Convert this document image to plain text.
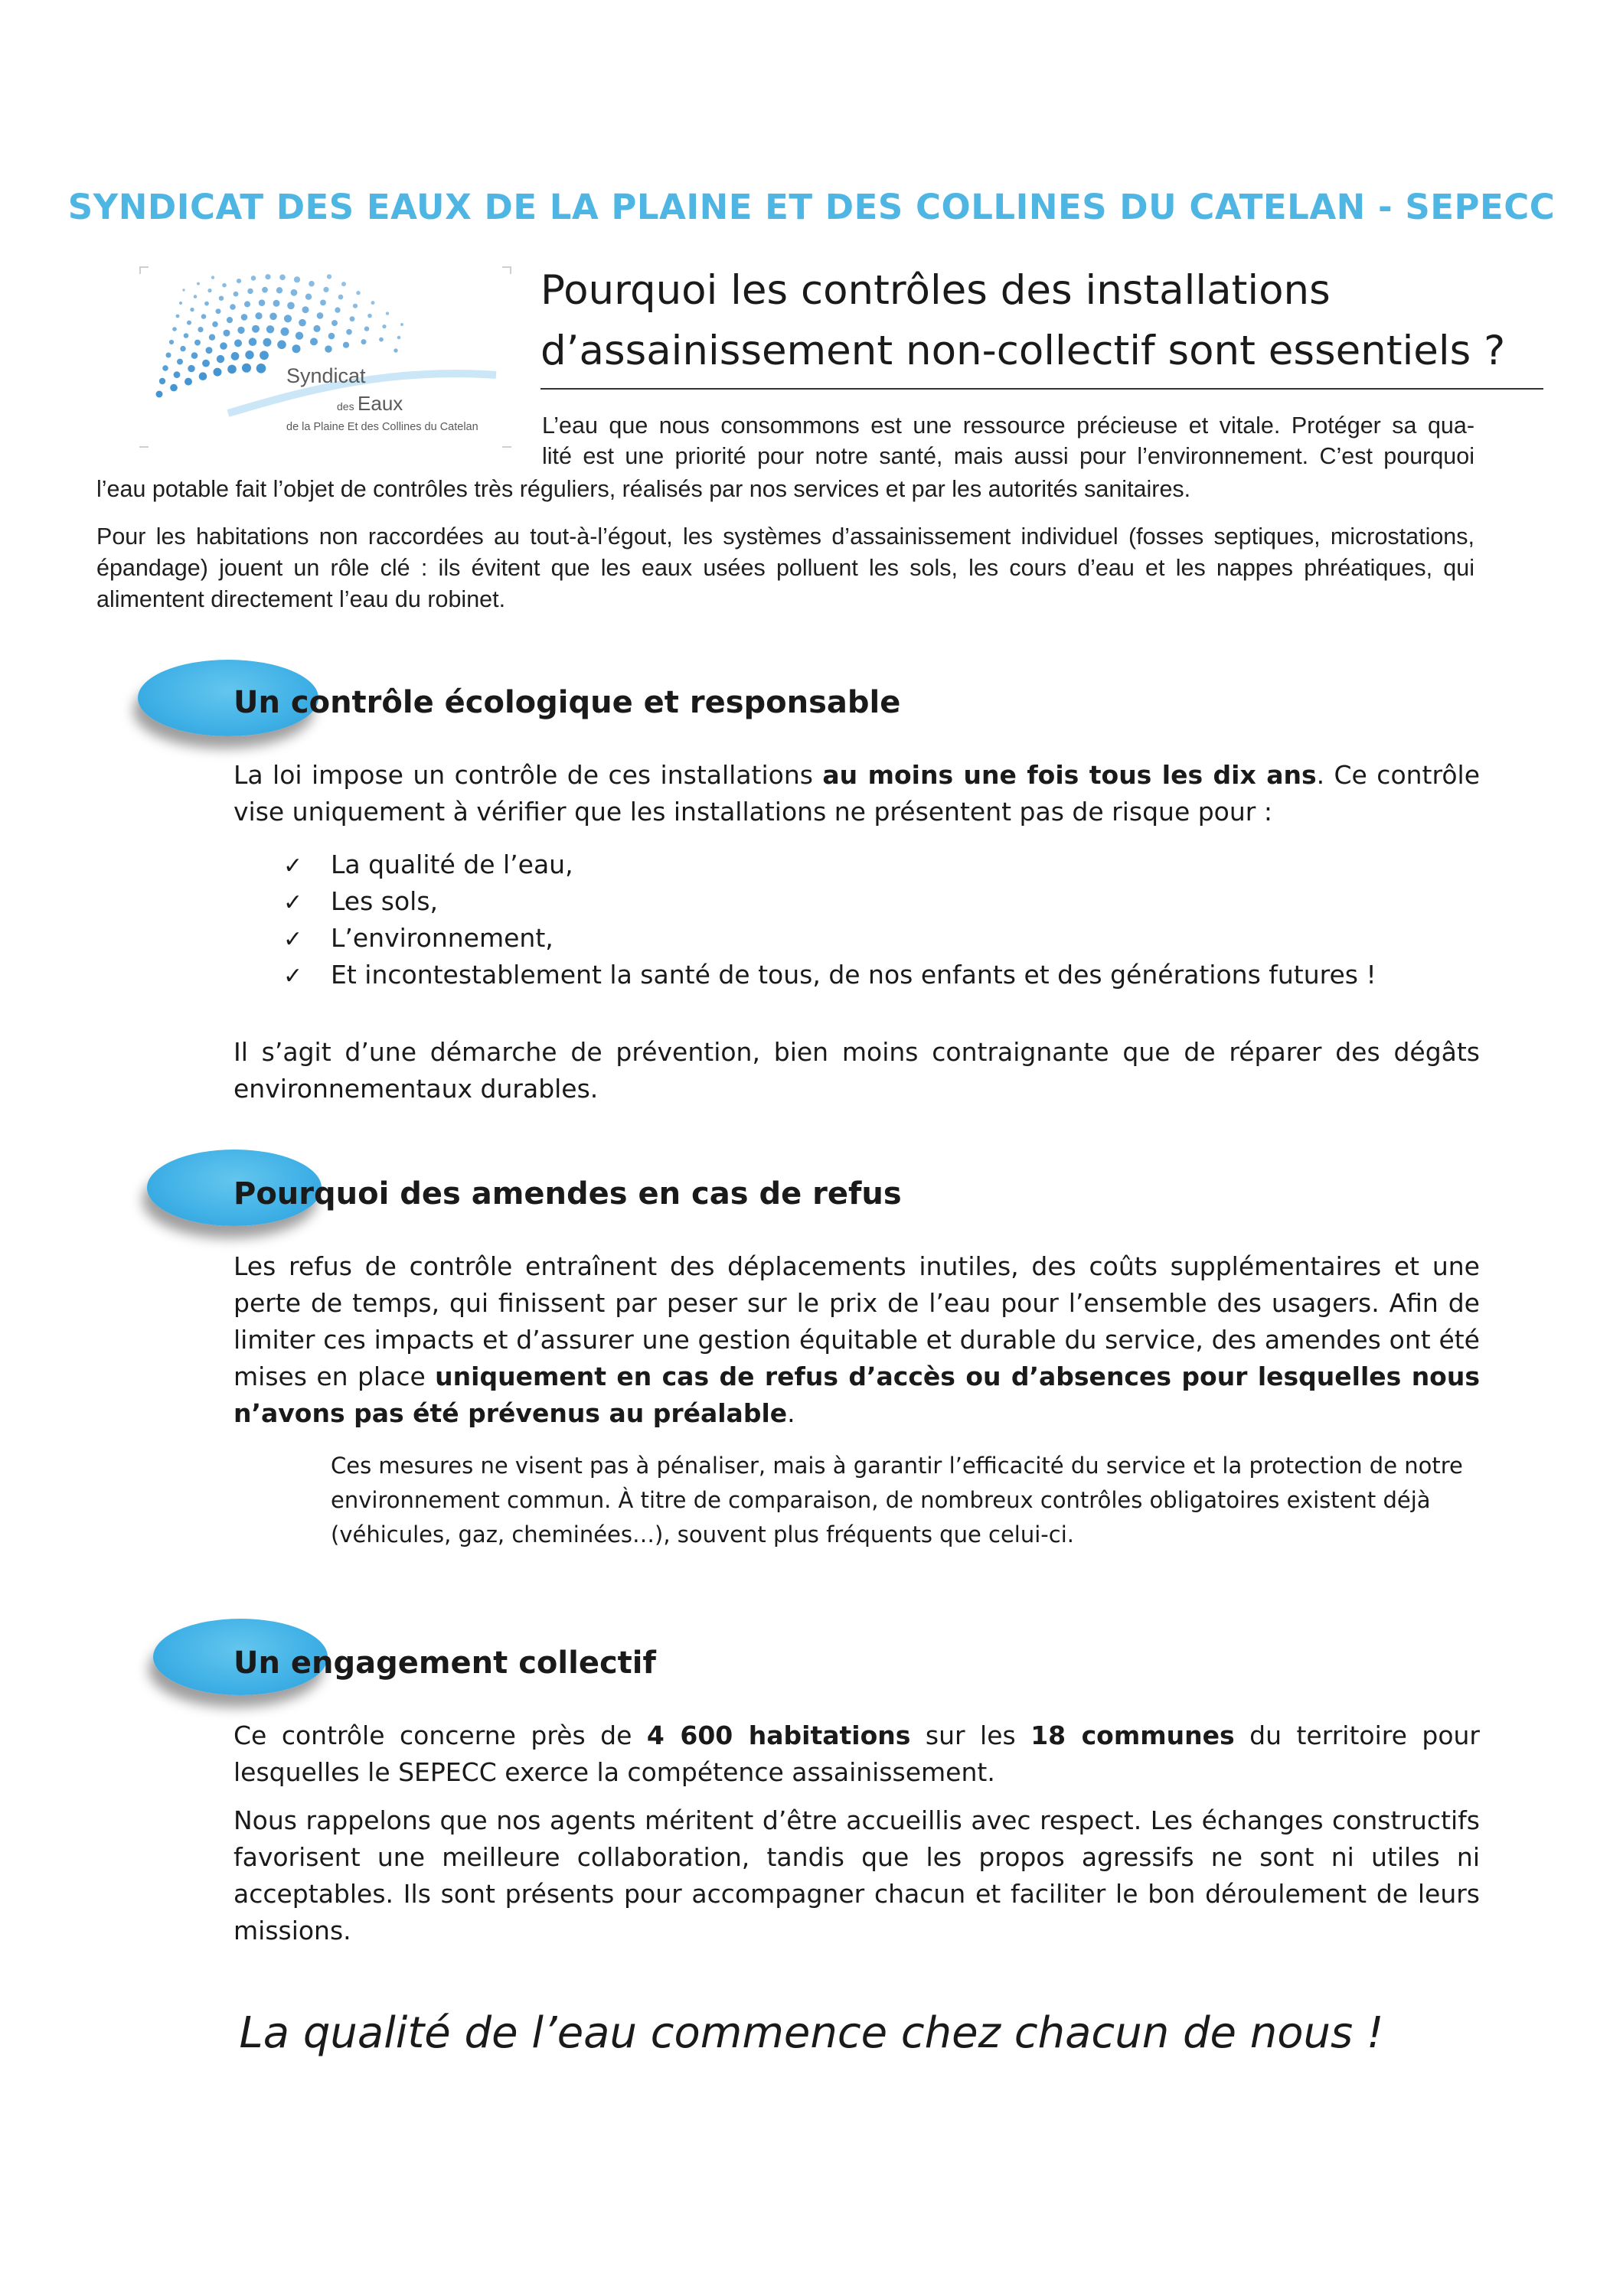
SYNDICAT DES EAUX DE LA PLAINE ET DES COLLINES DU CATELAN - SEPECC
Syndicat
des Eaux
de la Plaine Et des Collines du Catelan
Pourquoi les contrôles des installations d’assainissement non-collectif sont essentiels ?

L’eau que nous consommons est une ressource précieuse et vitale. Protéger sa qua-
lité est une priorité pour notre santé, mais aussi pour l’environnement. C’est pourquoi

l’eau potable fait l’objet de contrôles très réguliers, réalisés par nos services et par les autorités sanitaires.

Pour les habitations non raccordées au tout-à-l’égout, les systèmes d’assainissement individuel (fosses septiques, microstations, épandage) jouent un rôle clé : ils évitent que les eaux usées polluent les sols, les cours d’eau et les nappes phréatiques, qui alimentent directement l’eau du robinet.

Un contrôle écologique et responsable

La loi impose un contrôle de ces installations au moins une fois tous les dix ans. Ce contrôle vise uniquement à vérifier que les installations ne présentent pas de risque pour :

✓ La qualité de l’eau,
✓ Les sols,
✓ L’environnement,
✓ Et incontestablement la santé de tous, de nos enfants et des générations futures !

Il s’agit d’une démarche de prévention, bien moins contraignante que de réparer des dégâts environnementaux durables.

Pourquoi des amendes en cas de refus

Les refus de contrôle entraînent des déplacements inutiles, des coûts supplémentaires et une perte de temps, qui finissent par peser sur le prix de l’eau pour l’ensemble des usagers. Afin de limiter ces impacts et d’assurer une gestion équitable et durable du service, des amendes ont été mises en place uniquement en cas de refus d’accès ou d’absences pour lesquelles nous n’avons pas été prévenus au préalable.

Ces mesures ne visent pas à pénaliser, mais à garantir l’efficacité du service et la protection de notre environnement commun. À titre de comparaison, de nombreux contrôles obligatoires existent déjà (véhicules, gaz, cheminées…), souvent plus fréquents que celui-ci.

Un engagement collectif

Ce contrôle concerne près de 4 600 habitations sur les 18 communes du territoire pour lesquelles le SEPECC exerce la compétence assainissement.

Nous rappelons que nos agents méritent d’être accueillis avec respect. Les échanges constructifs favorisent une meilleure collaboration, tandis que les propos agressifs ne sont ni utiles ni acceptables. Ils sont présents pour accompagner chacun et faciliter le bon déroulement de leurs missions.

La qualité de l’eau commence chez chacun de nous !
